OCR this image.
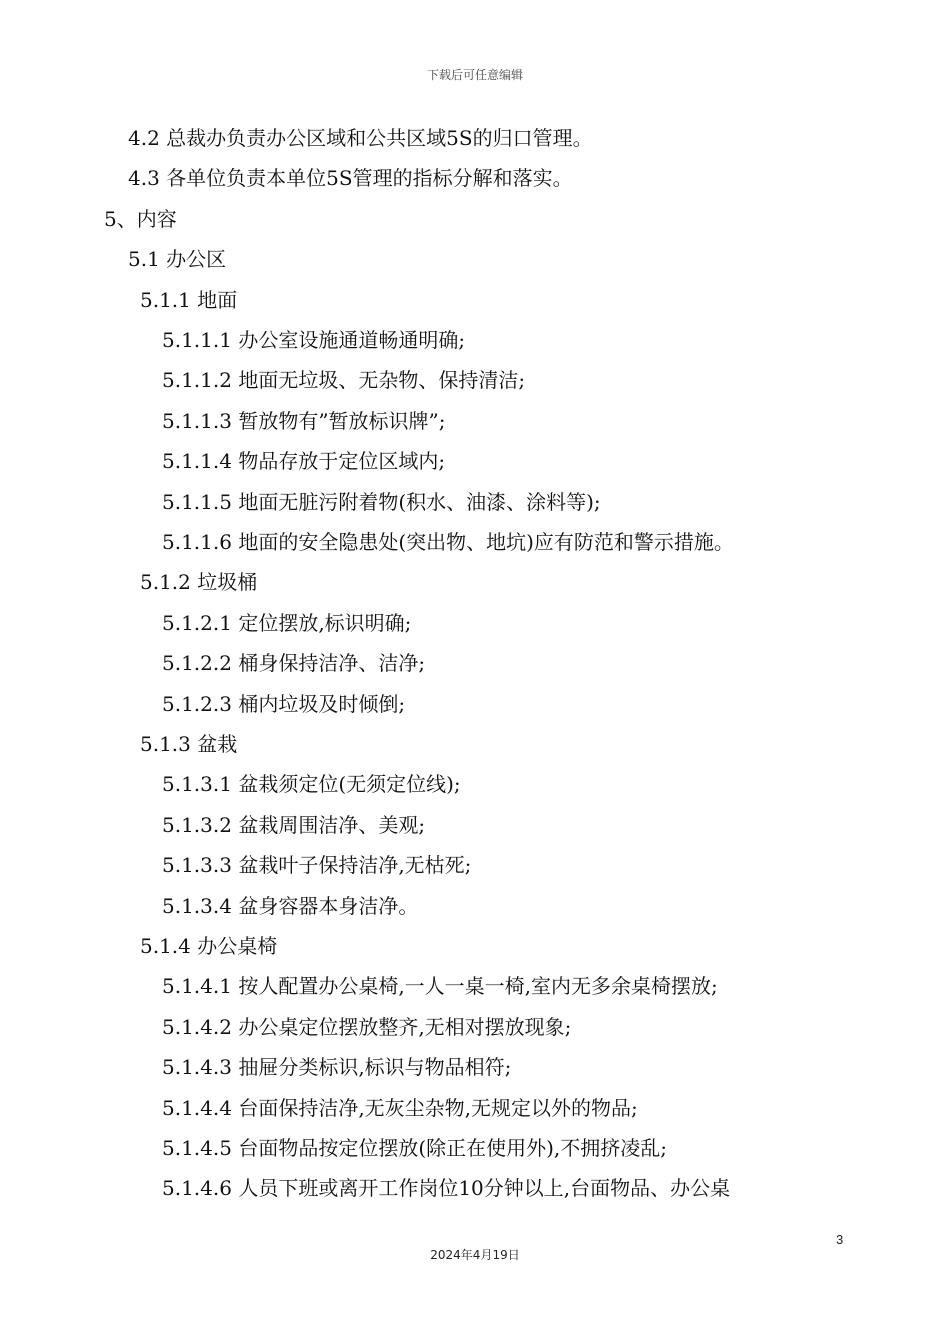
下载后可任意编辑
4.2 总裁办负责办公区域和公共区域5S的归口管理。
4.3 各单位负责本单位5S管理的指标分解和落实。
5、内容
5.1 办公区
5.1.1 地面
5.1.1.1 办公室设施通道畅通明确;
5.1.1.2 地面无垃圾、无杂物、保持清洁;
5.1.1.3 暂放物有”暂放标识牌”;
5.1.1.4 物品存放于定位区域内;
5.1.1.5 地面无脏污附着物(积水、油漆、涂料等);
5.1.1.6 地面的安全隐患处(突出物、地坑)应有防范和警示措施。
5.1.2 垃圾桶
5.1.2.1 定位摆放,标识明确;
5.1.2.2 桶身保持洁净、洁净;
5.1.2.3 桶内垃圾及时倾倒;
5.1.3 盆栽
5.1.3.1 盆栽须定位(无须定位线);
5.1.3.2 盆栽周围洁净、美观;
5.1.3.3 盆栽叶子保持洁净,无枯死;
5.1.3.4 盆身容器本身洁净。
5.1.4 办公桌椅
5.1.4.1 按人配置办公桌椅,一人一桌一椅,室内无多余桌椅摆放;
5.1.4.2 办公桌定位摆放整齐,无相对摆放现象;
5.1.4.3 抽屉分类标识,标识与物品相符;
5.1.4.4 台面保持洁净,无灰尘杂物,无规定以外的物品;
5.1.4.5 台面物品按定位摆放(除正在使用外),不拥挤凌乱;
5.1.4.6 人员下班或离开工作岗位10分钟以上,台面物品、办公桌
3
2024年4月19日
